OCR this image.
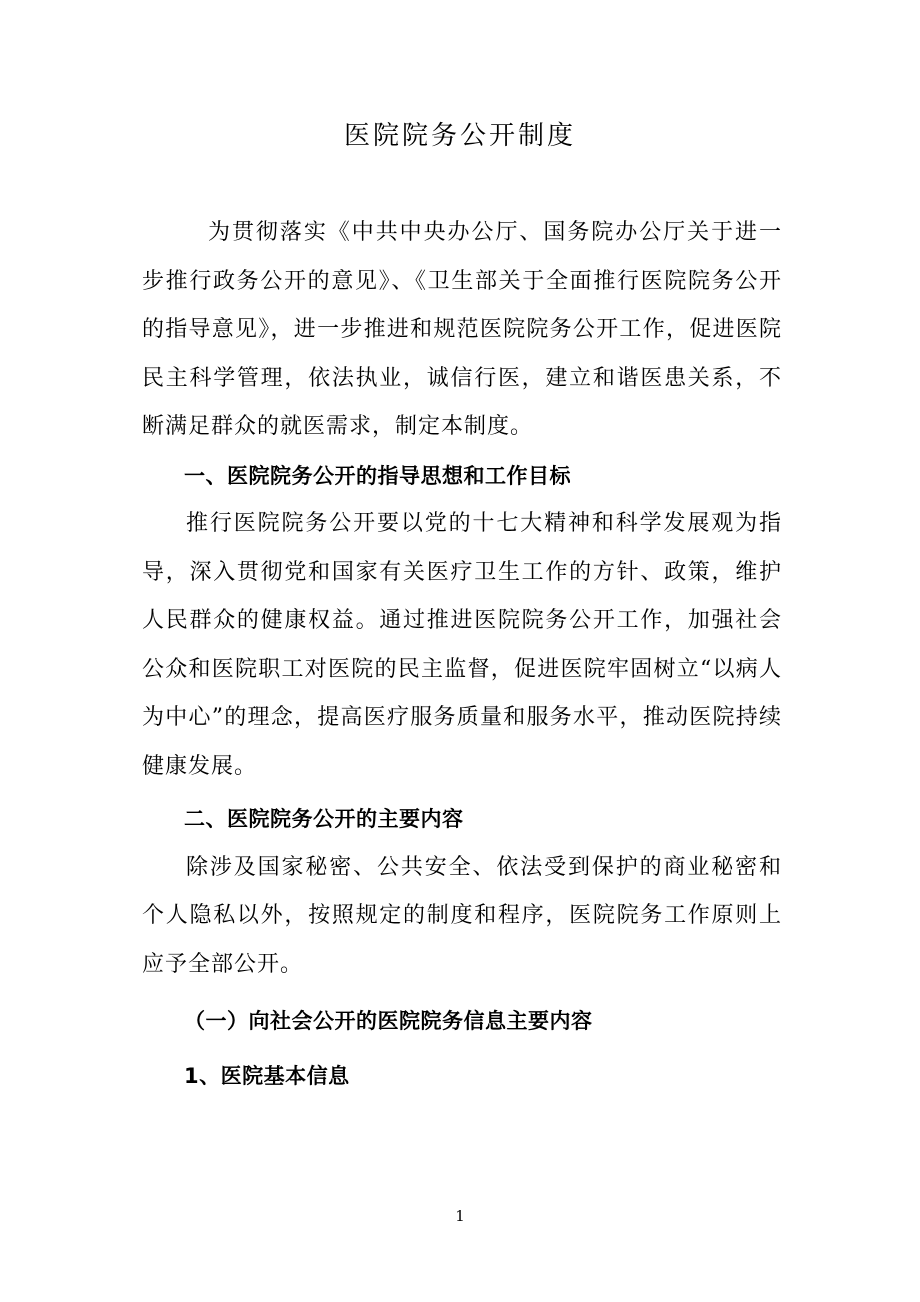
医院院务公开制度

为贯彻落实《中共中央办公厅、国务院办公厅关于进一步推行政务公开的意见》、《卫生部关于全面推行医院院务公开的指导意见》，进一步推进和规范医院院务公开工作，促进医院民主科学管理，依法执业，诚信行医，建立和谐医患关系，不断满足群众的就医需求，制定本制度。

一、医院院务公开的指导思想和工作目标

推行医院院务公开要以党的十七大精神和科学发展观为指导，深入贯彻党和国家有关医疗卫生工作的方针、政策，维护人民群众的健康权益。通过推进医院院务公开工作，加强社会公众和医院职工对医院的民主监督，促进医院牢固树立“以病人为中心”的理念，提高医疗服务质量和服务水平，推动医院持续健康发展。

二、医院院务公开的主要内容

除涉及国家秘密、公共安全、依法受到保护的商业秘密和个人隐私以外，按照规定的制度和程序，医院院务工作原则上应予全部公开。

（一）向社会公开的医院院务信息主要内容

1、医院基本信息

1
